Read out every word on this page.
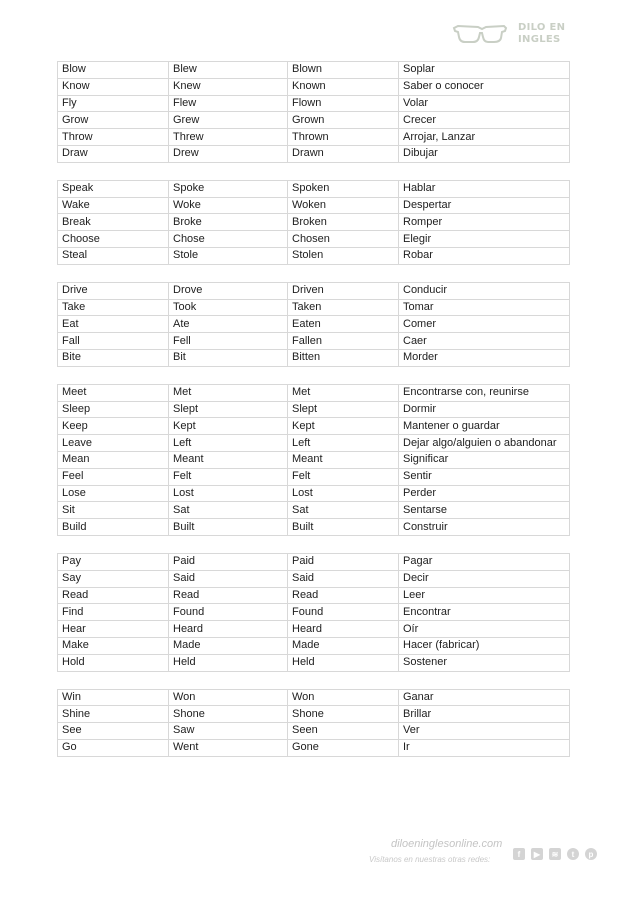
DILO EN
INGLES
Blow	Blew	Blown	Soplar
Know	Knew	Known	Saber o conocer
Fly	Flew	Flown	Volar
Grow	Grew	Grown	Crecer
Throw	Threw	Thrown	Arrojar, Lanzar
Draw	Drew	Drawn	Dibujar
Speak	Spoke	Spoken	Hablar
Wake	Woke	Woken	Despertar
Break	Broke	Broken	Romper
Choose	Chose	Chosen	Elegir
Steal	Stole	Stolen	Robar
Drive	Drove	Driven	Conducir
Take	Took	Taken	Tomar
Eat	Ate	Eaten	Comer
Fall	Fell	Fallen	Caer
Bite	Bit	Bitten	Morder
Meet	Met	Met	Encontrarse con, reunirse
Sleep	Slept	Slept	Dormir
Keep	Kept	Kept	Mantener o guardar
Leave	Left	Left	Dejar algo/alguien o abandonar
Mean	Meant	Meant	Significar
Feel	Felt	Felt	Sentir
Lose	Lost	Lost	Perder
Sit	Sat	Sat	Sentarse
Build	Built	Built	Construir
Pay	Paid	Paid	Pagar
Say	Said	Said	Decir
Read	Read	Read	Leer
Find	Found	Found	Encontrar
Hear	Heard	Heard	Oír
Make	Made	Made	Hacer (fabricar)
Hold	Held	Held	Sostener
Win	Won	Won	Ganar
Shine	Shone	Shone	Brillar
See	Saw	Seen	Ver
Go	Went	Gone	Ir
diloeninglesonline.com
Visítanos en nuestras otras redes:
f	▶	≋	t	p
